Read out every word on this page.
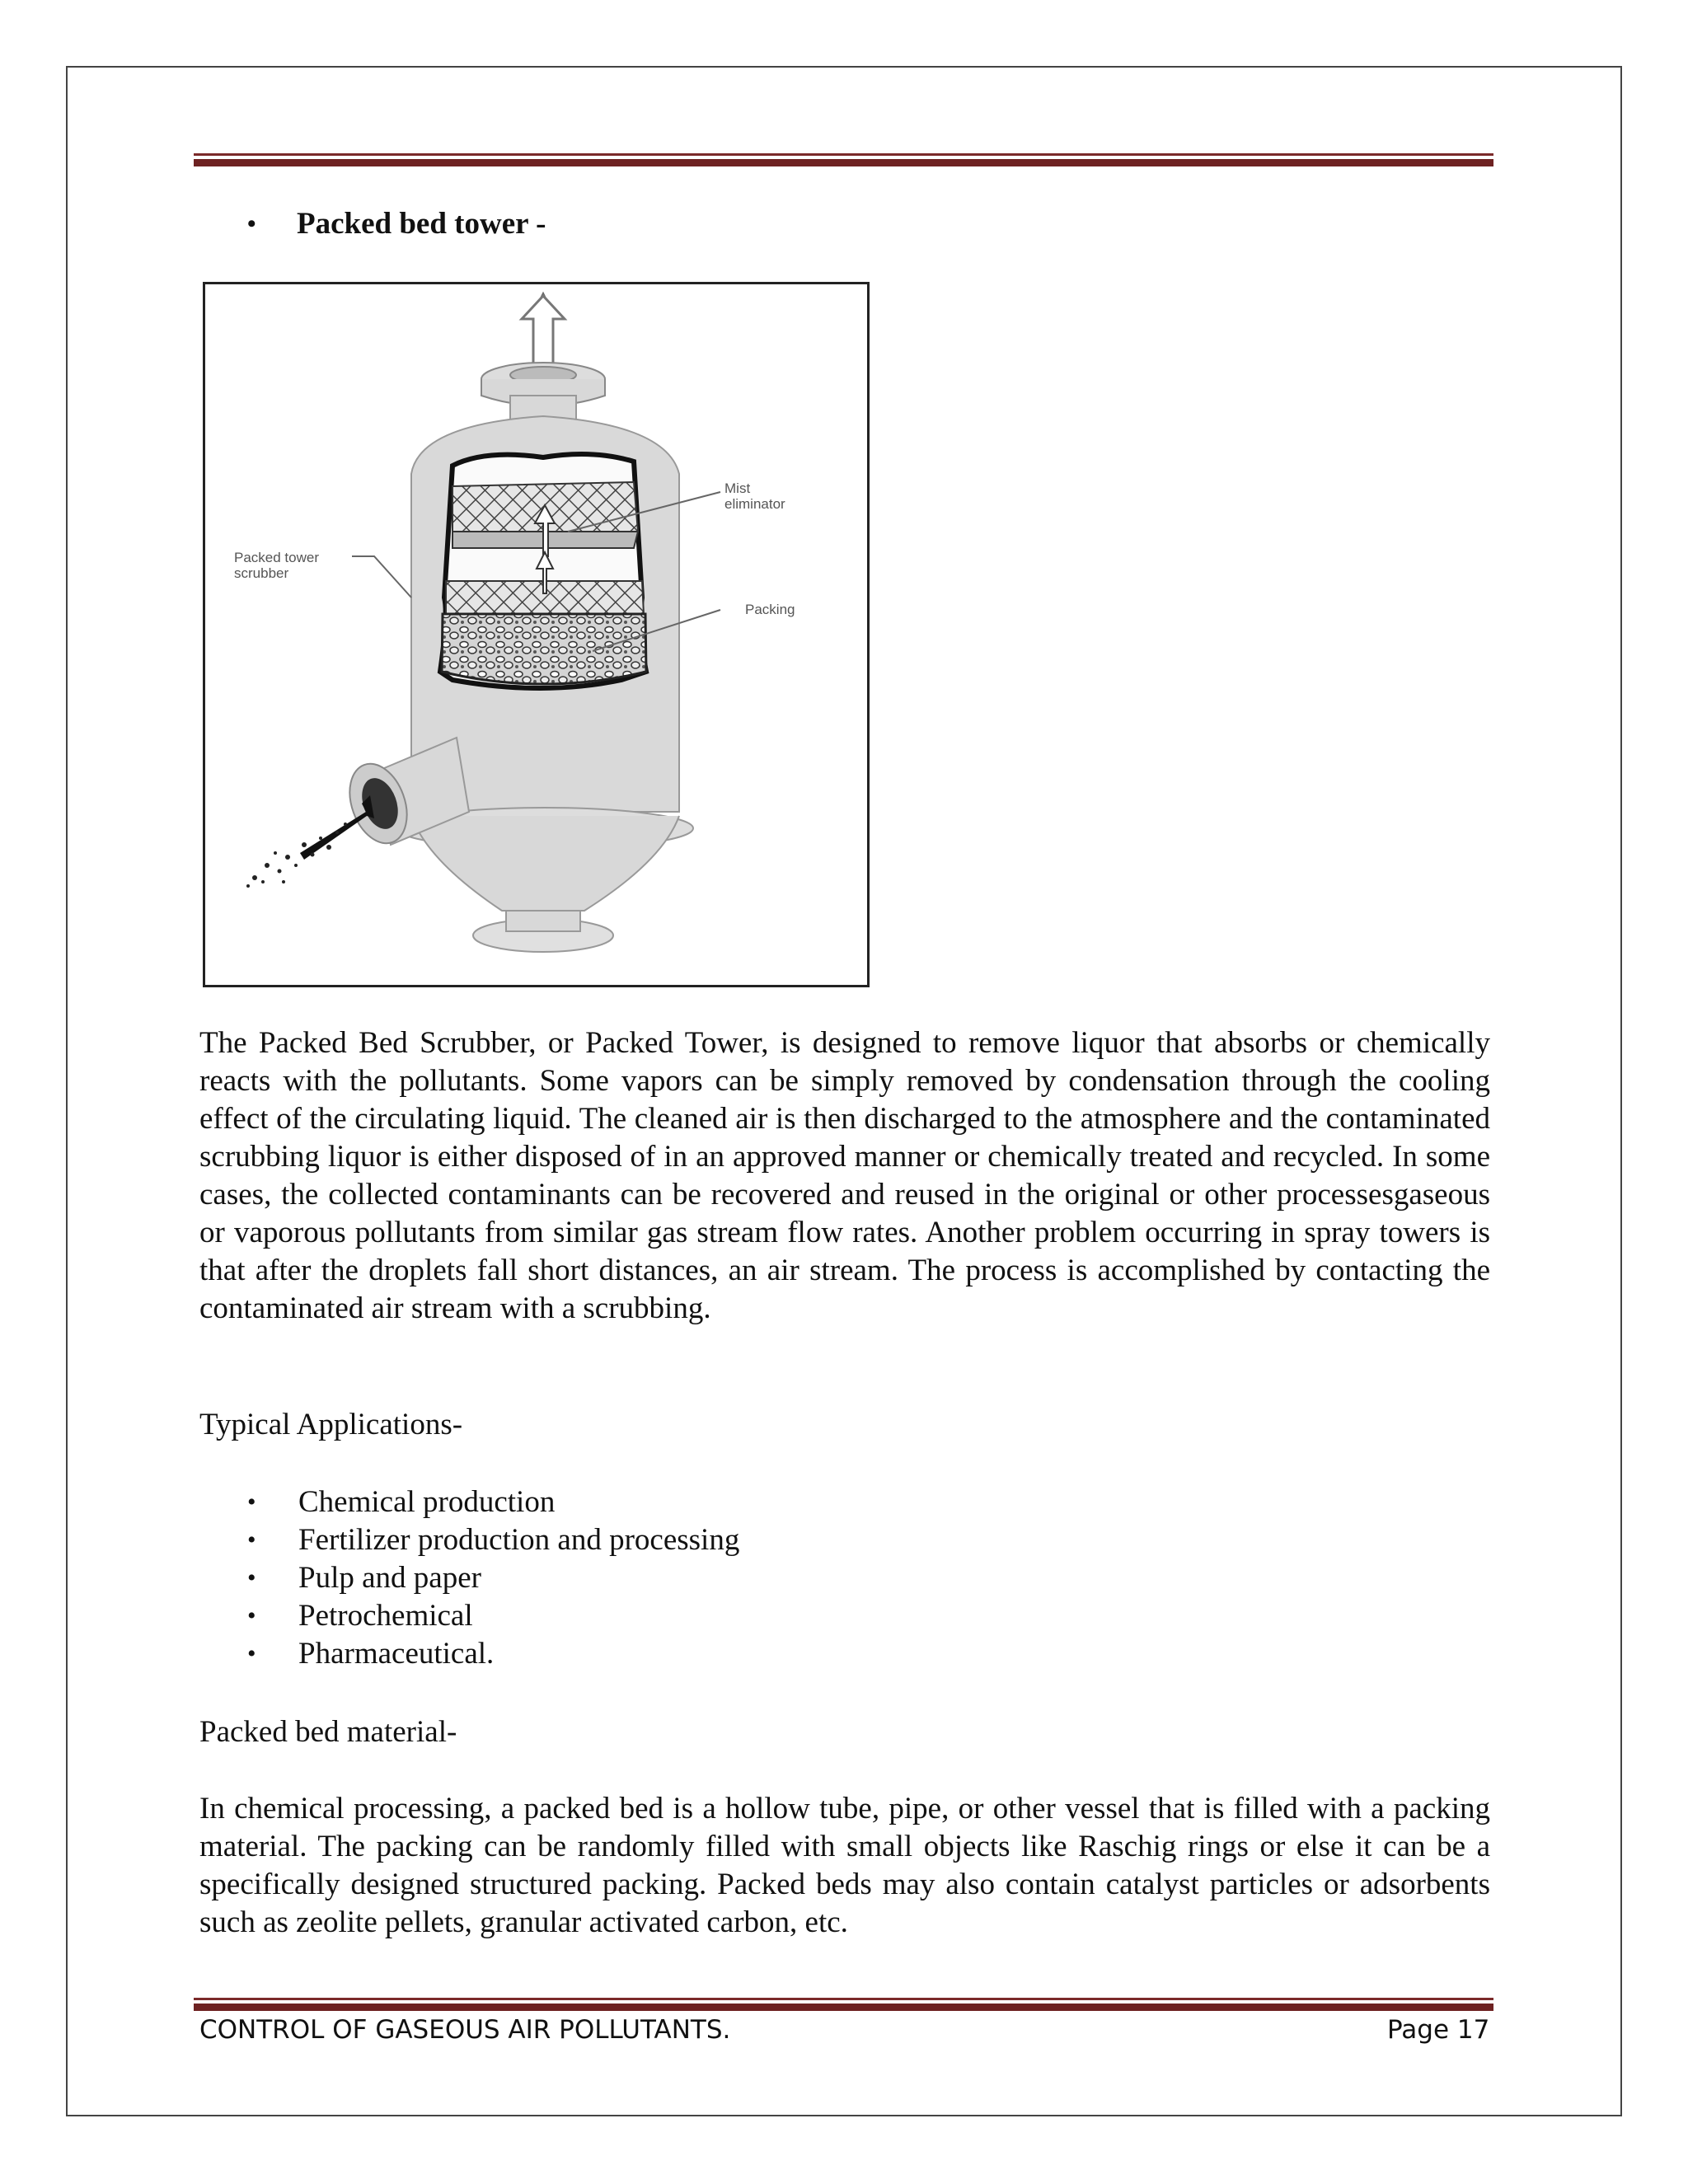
•	Packed bed tower -
Mist
eliminator
Packed tower
scrubber
Packing

The Packed Bed Scrubber, or Packed Tower, is designed to remove liquor that absorbs or chemically reacts with the pollutants. Some vapors can be simply removed by condensation through the cooling effect of the circulating liquid. The cleaned air is then discharged to the atmosphere and the contaminated scrubbing liquor is either disposed of in an approved manner or chemically treated and recycled. In some cases, the collected contaminants can be recovered and reused in the original or other processesgaseous or vaporous pollutants from similar gas stream flow rates. Another problem occurring in spray towers is that after the droplets fall short distances, an air stream. The process is accomplished by contacting the contaminated air stream with a scrubbing.

Typical Applications-
•	Chemical production
•	Fertilizer production and processing
•	Pulp and paper
•	Petrochemical
•	Pharmaceutical.
Packed bed material-

In chemical processing, a packed bed is a hollow tube, pipe, or other vessel that is filled with a packing material. The packing can be randomly filled with small objects like Raschig rings or else it can be a specifically designed structured packing. Packed beds may also contain catalyst particles or adsorbents such as zeolite pellets, granular activated carbon, etc.

CONTROL OF GASEOUS AIR POLLUTANTS.	Page 17
